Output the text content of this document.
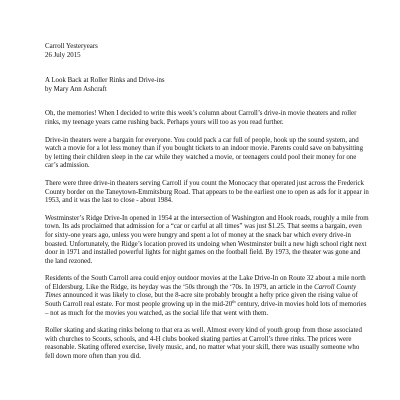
Carroll Yesteryears

26 July 2015

A Look Back at Roller Rinks and Drive-ins

by Mary Ann Ashcraft

Oh, the memories! When I decided to write this week’s column about Carroll’s drive-in movie theaters and roller rinks, my teenage years came rushing back. Perhaps yours will too as you read further.

Drive-in theaters were a bargain for everyone. You could pack a car full of people, hook up the sound system, and watch a movie for a lot less money than if you bought tickets to an indoor movie. Parents could save on babysitting by letting their children sleep in the car while they watched a movie, or teenagers could pool their money for one car’s admission.

There were three drive-in theaters serving Carroll if you count the Monocacy that operated just across the Frederick County border on the Taneytown-Emmitsburg Road. That appears to be the earliest one to open as ads for it appear in 1953, and it was the last to close - about 1984.

Westminster’s Ridge Drive-In opened in 1954 at the intersection of Washington and Hook roads, roughly a mile from town. Its ads proclaimed that admission for a “car or carful at all times” was just $1.25. That seems a bargain, even for sixty-one years ago, unless you were hungry and spent a lot of money at the snack bar which every drive-in boasted. Unfortunately, the Ridge’s location proved its undoing when Westminster built a new high school right next door in 1971 and installed powerful lights for night games on the football field. By 1973, the theater was gone and the land rezoned.

Residents of the South Carroll area could enjoy outdoor movies at the Lake Drive-In on Route 32 about a mile north of Eldersburg. Like the Ridge, its heyday was the ‘50s through the ‘70s. In 1979, an article in the Carroll County Times announced it was likely to close, but the 8-acre site probably brought a hefty price given the rising value of South Carroll real estate. For most people growing up in the mid-20th century, drive-in movies hold lots of memories – not as much for the movies you watched, as the social life that went with them.

Roller skating and skating rinks belong to that era as well. Almost every kind of youth group from those associated with churches to Scouts, schools, and 4-H clubs booked skating parties at Carroll’s three rinks. The prices were reasonable. Skating offered exercise, lively music, and, no matter what your skill, there was usually someone who fell down more often than you did.
